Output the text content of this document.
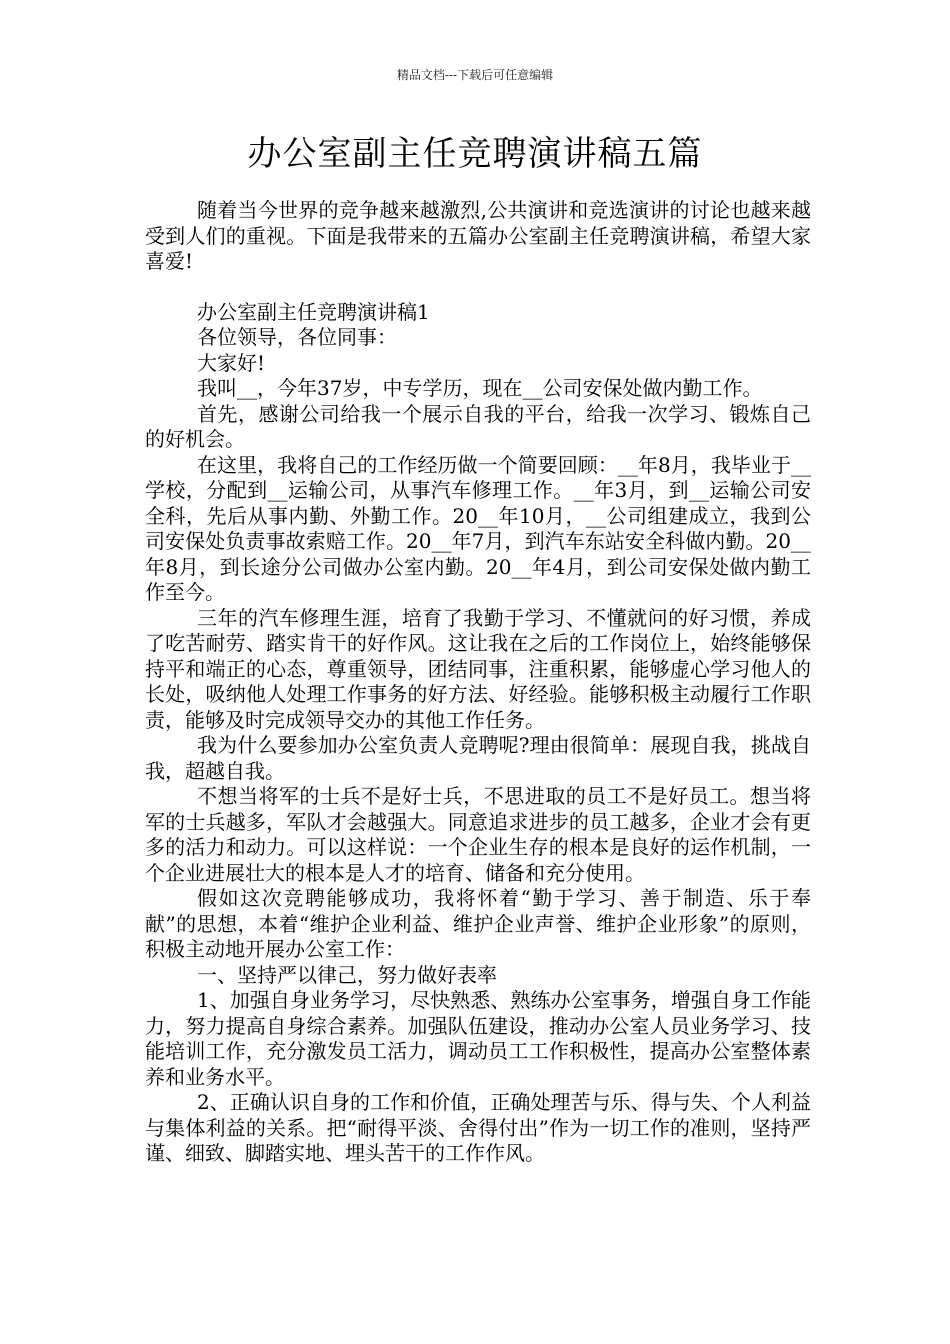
精品文档---下载后可任意编辑
办公室副主任竞聘演讲稿五篇

随着当今世界的竞争越来越激烈,公共演讲和竞选演讲的讨论也越来越受到人们的重视。下面是我带来的五篇办公室副主任竞聘演讲稿，希望大家喜爱!

办公室副主任竞聘演讲稿1

各位领导，各位同事：

大家好!

我叫__，今年37岁，中专学历，现在__公司安保处做内勤工作。

首先，感谢公司给我一个展示自我的平台，给我一次学习、锻炼自己的好机会。

在这里，我将自己的工作经历做一个简要回顾：__年8月，我毕业于__学校，分配到__运输公司，从事汽车修理工作。__年3月，到__运输公司安全科，先后从事内勤、外勤工作。20__年10月，__公司组建成立，我到公司安保处负责事故索赔工作。20__年7月，到汽车东站安全科做内勤。20__年8月，到长途分公司做办公室内勤。20__年4月，到公司安保处做内勤工作至今。

三年的汽车修理生涯，培育了我勤于学习、不懂就问的好习惯，养成了吃苦耐劳、踏实肯干的好作风。这让我在之后的工作岗位上，始终能够保持平和端正的心态，尊重领导，团结同事，注重积累，能够虚心学习他人的长处，吸纳他人处理工作事务的好方法、好经验。能够积极主动履行工作职责，能够及时完成领导交办的其他工作任务。

我为什么要参加办公室负责人竞聘呢?理由很简单：展现自我，挑战自我，超越自我。

不想当将军的士兵不是好士兵，不思进取的员工不是好员工。想当将军的士兵越多，军队才会越强大。同意追求进步的员工越多，企业才会有更多的活力和动力。可以这样说：一个企业生存的根本是良好的运作机制，一个企业进展壮大的根本是人才的培育、储备和充分使用。

假如这次竞聘能够成功，我将怀着“勤于学习、善于制造、乐于奉献”的思想，本着“维护企业利益、维护企业声誉、维护企业形象”的原则，积极主动地开展办公室工作：

一、坚持严以律己，努力做好表率

1、加强自身业务学习，尽快熟悉、熟练办公室事务，增强自身工作能力，努力提高自身综合素养。加强队伍建设，推动办公室人员业务学习、技能培训工作，充分激发员工活力，调动员工工作积极性，提高办公室整体素养和业务水平。

2、正确认识自身的工作和价值，正确处理苦与乐、得与失、个人利益与集体利益的关系。把“耐得平淡、舍得付出”作为一切工作的准则，坚持严谨、细致、脚踏实地、埋头苦干的工作作风。
